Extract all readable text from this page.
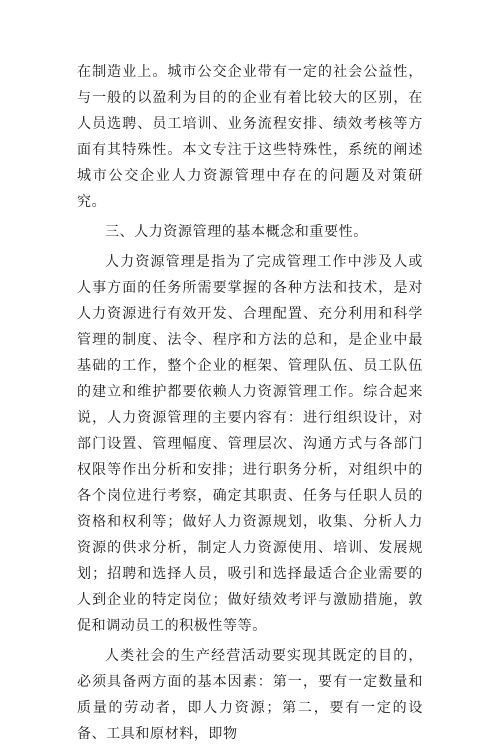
在制造业上。城市公交企业带有一定的社会公益性，与一般的以盈利为目的的企业有着比较大的区别，在人员选聘、员工培训、业务流程安排、绩效考核等方面有其特殊性。本文专注于这些特殊性，系统的阐述城市公交企业人力资源管理中存在的问题及对策研究。

三、人力资源管理的基本概念和重要性。

人力资源管理是指为了完成管理工作中涉及人或人事方面的任务所需要掌握的各种方法和技术，是对人力资源进行有效开发、合理配置、充分利用和科学管理的制度、法令、程序和方法的总和，是企业中最基础的工作，整个企业的框架、管理队伍、员工队伍的建立和维护都要依赖人力资源管理工作。综合起来说，人力资源管理的主要内容有：进行组织设计，对部门设置、管理幅度、管理层次、沟通方式与各部门权限等作出分析和安排；进行职务分析，对组织中的各个岗位进行考察，确定其职责、任务与任职人员的资格和权利等；做好人力资源规划，收集、分析人力资源的供求分析，制定人力资源使用、培训、发展规划；招聘和选择人员，吸引和选择最适合企业需要的人到企业的特定岗位；做好绩效考评与激励措施，敦促和调动员工的积极性等等。

人类社会的生产经营活动要实现其既定的目的，必须具备两方面的基本因素：第一，要有一定数量和质量的劳动者，即人力资源；第二，要有一定的设备、工具和原材料，即物
